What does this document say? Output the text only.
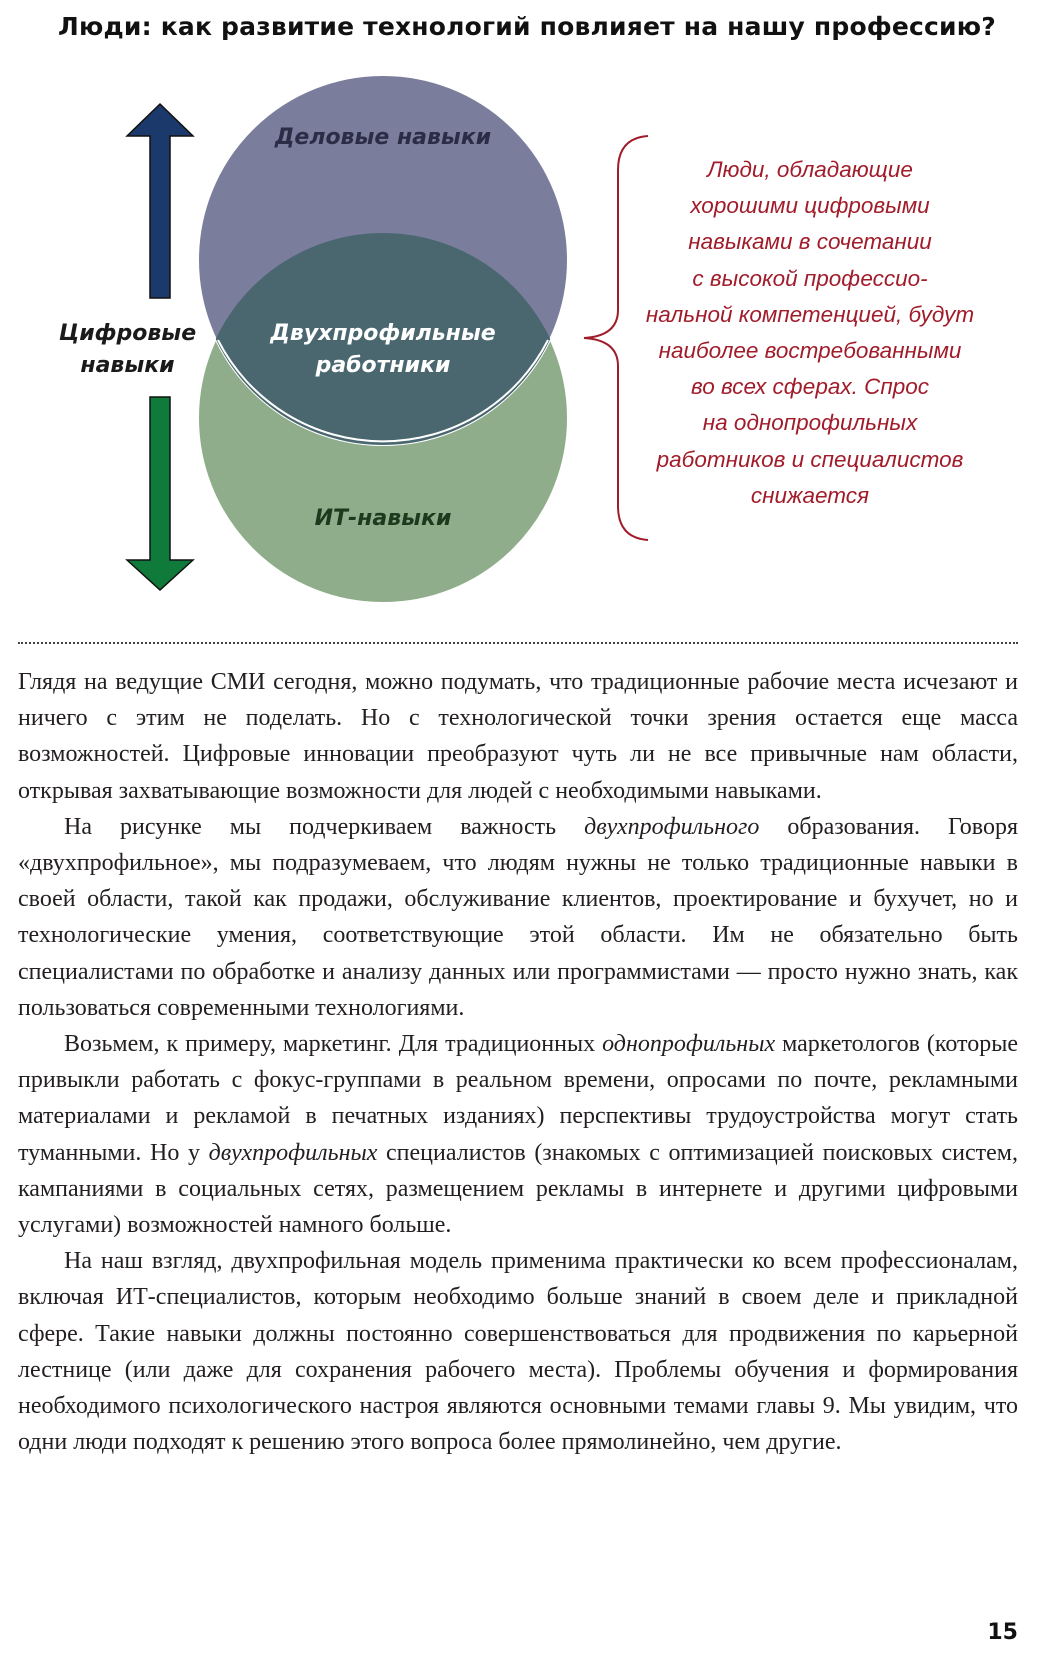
Люди: как развитие технологий повлияет на нашу профессию?
Деловые навыки
Двухпрофильные работники
ИТ-навыки
Цифровые навыки
Люди, обладающие
хорошими цифровыми
навыками в сочетании
с высокой профессио-
нальной компетенцией, будут
наиболее востребованными
во всех сферах. Спрос
на однопрофильных
работников и специалистов
снижается

Глядя на ведущие СМИ сегодня, можно подумать, что традиционные рабочие места исчезают и ничего с этим не поделать. Но с технологической точки зрения остается еще масса возможностей. Цифровые инновации преобразуют чуть ли не все привычные нам области, открывая захватывающие возможности для людей с необходимыми навыками.

На рисунке мы подчеркиваем важность двухпрофильного образования. Говоря «двухпрофильное», мы подразумеваем, что людям нужны не только традиционные навыки в своей области, такой как продажи, обслуживание клиентов, проектирование и бухучет, но и технологические умения, соответствующие этой области. Им не обязательно быть специалистами по обработке и анализу данных или программистами — просто нужно знать, как пользоваться современными технологиями.

Возьмем, к примеру, маркетинг. Для традиционных однопрофильных маркетологов (которые привыкли работать с фокус-группами в реальном времени, опросами по почте, рекламными материалами и рекламой в печатных изданиях) перспективы трудоустройства могут стать туманными. Но у двухпрофильных специалистов (знакомых с оптимизацией поисковых систем, кампаниями в социальных сетях, размещением рекламы в интернете и другими цифровыми услугами) возможностей намного больше.

На наш взгляд, двухпрофильная модель применима практически ко всем профессионалам, включая ИТ-специалистов, которым необходимо больше знаний в своем деле и прикладной сфере. Такие навыки должны постоянно совершенствоваться для продвижения по карьерной лестнице (или даже для сохранения рабочего места). Проблемы обучения и формирования необходимого психологического настроя являются основными темами главы 9. Мы увидим, что одни люди подходят к решению этого вопроса более прямолинейно, чем другие.

15
